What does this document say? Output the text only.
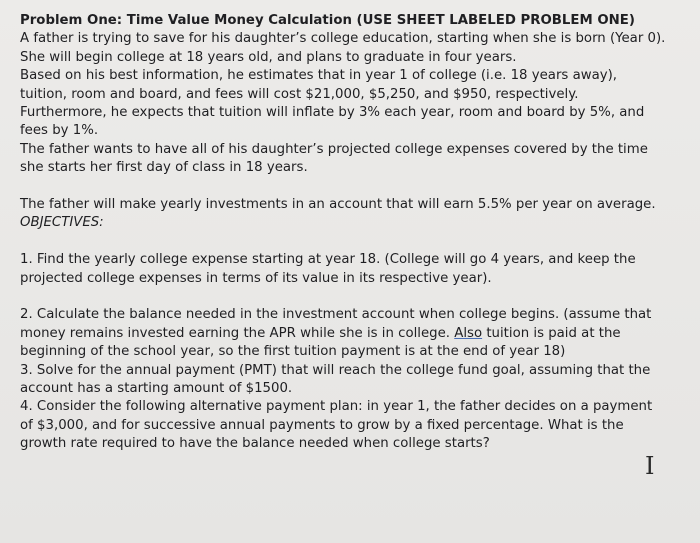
Problem One: Time Value Money Calculation (USE SHEET LABELED PROBLEM ONE)
A father is trying to save for his daughter’s college education, starting when she is born (Year 0).
She will begin college at 18 years old, and plans to graduate in four years.
Based on his best information, he estimates that in year 1 of college (i.e. 18 years away),
tuition, room and board, and fees will cost $21,000, $5,250, and $950, respectively.
Furthermore, he expects that tuition will inflate by 3% each year, room and board by 5%, and
fees by 1%.
The father wants to have all of his daughter’s projected college expenses covered by the time
she starts her first day of class in 18 years.
The father will make yearly investments in an account that will earn 5.5% per year on average.
OBJECTIVES:
1. Find the yearly college expense starting at year 18. (College will go 4 years, and keep the
projected college expenses in terms of its value in its respective year).
2. Calculate the balance needed in the investment account when college begins. (assume that
money remains invested earning the APR while she is in college. Also tuition is paid at the
beginning of the school year, so the first tuition payment is at the end of year 18)
3. Solve for the annual payment (PMT) that will reach the college fund goal, assuming that the
account has a starting amount of $1500.
4. Consider the following alternative payment plan: in year 1, the father decides on a payment
of $3,000, and for successive annual payments to grow by a fixed percentage. What is the
growth rate required to have the balance needed when college starts?
I
